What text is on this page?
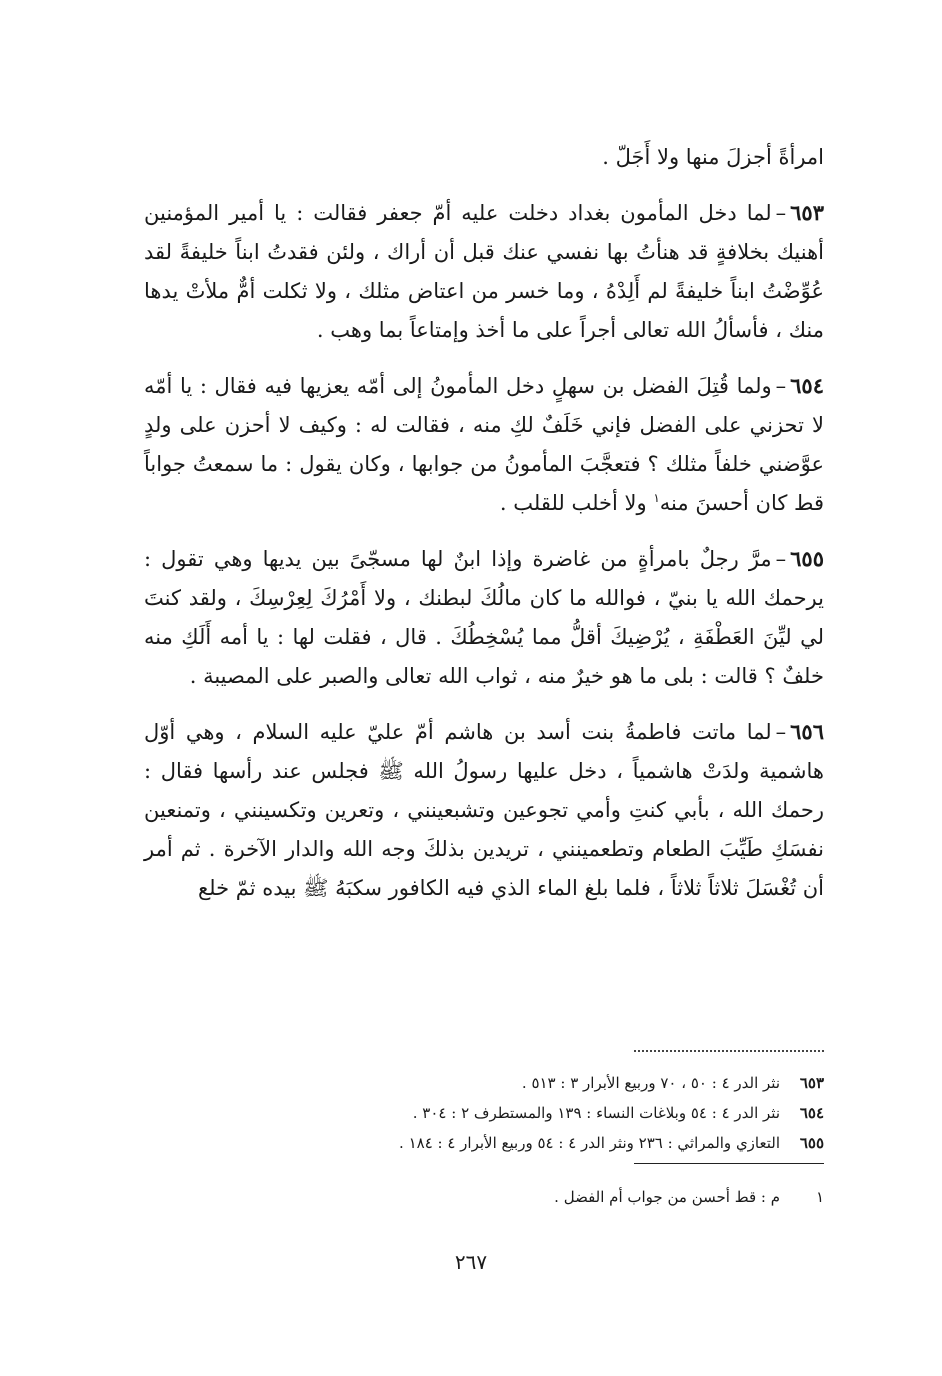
امرأةً أجزلَ منها ولا أَجَلّ .

٦٥٣–لما دخل المأمون بغداد دخلت عليه أمّ جعفر فقالت : يا أمير المؤمنين أهنيك بخلافةٍ قد هنأتُ بها نفسي عنك قبل أن أراك ، ولئن فقدتُ ابناً خليفةً لقد عُوِّضْتُ ابناً خليفةً لم أَلِدْهُ ، وما خسر من اعتاض مثلك ، ولا ثكلت أمٌّ ملأتْ يدها منك ، فأسألُ الله تعالى أجراً على ما أخذ وإمتاعاً بما وهب .

٦٥٤–ولما قُتِلَ الفضل بن سهلٍ دخل المأمونُ إلى أمّه يعزيها فيه فقال : يا أمّه لا تحزني على الفضل فإني خَلَفٌ لكِ منه ، فقالت له : وكيف لا أحزن على ولدٍ عوَّضني خلفاً مثلك ؟ فتعجَّبَ المأمونُ من جوابها ، وكان يقول : ما سمعتُ جواباً قط كان أحسنَ منه$^١$ ولا أخلب للقلب .

٦٥٥–مرَّ رجلٌ بامرأةٍ من غاضرة وإذا ابنٌ لها مسجّىً بين يديها وهي تقول : يرحمك الله يا بنيّ ، فوالله ما كان مالُكَ لبطنك ، ولا أَمْرُكَ لِعِرْسِكَ ، ولقد كنتَ لي ليِّنَ العَطْفَةِ ، يُرْضِيكَ أقلُّ مما يُسْخِطُكَ . قال ، فقلت لها : يا أمه أَلَكِ منه خلفٌ ؟ قالت : بلى ما هو خيرٌ منه ، ثواب الله تعالى والصبر على المصيبة .

٦٥٦–لما ماتت فاطمةُ بنت أسد بن هاشم أمّ عليّ عليه السلام ، وهي أوّل هاشمية ولدَتْ هاشمياً ، دخل عليها رسولُ الله ﷺ فجلس عند رأسها فقال : رحمك الله ، بأبي كنتِ وأمي تجوعين وتشبعينني ، وتعرين وتكسينني ، وتمنعين نفسَكِ طَيِّبَ الطعام وتطعمينني ، تريدين بذلكَ وجه الله والدار الآخرة . ثم أمر أن تُغْسَلَ ثلاثاً ثلاثاً ، فلما بلغ الماء الذي فيه الكافور سكبَهُ ﷺ بيده ثمّ خلع

٦٥٣نثر الدر ٤ : ٥٠ ، ٧٠ وربيع الأبرار ٣ : ٥١٣ .
٦٥٤نثر الدر ٤ : ٥٤ وبلاغات النساء : ١٣٩ والمستطرف ٢ : ٣٠٤ .
٦٥٥التعازي والمراثي : ٢٣٦ ونثر الدر ٤ : ٥٤ وربيع الأبرار ٤ : ١٨٤ .
١م : قط أحسن من جواب أم الفضل .
٢٦٧
